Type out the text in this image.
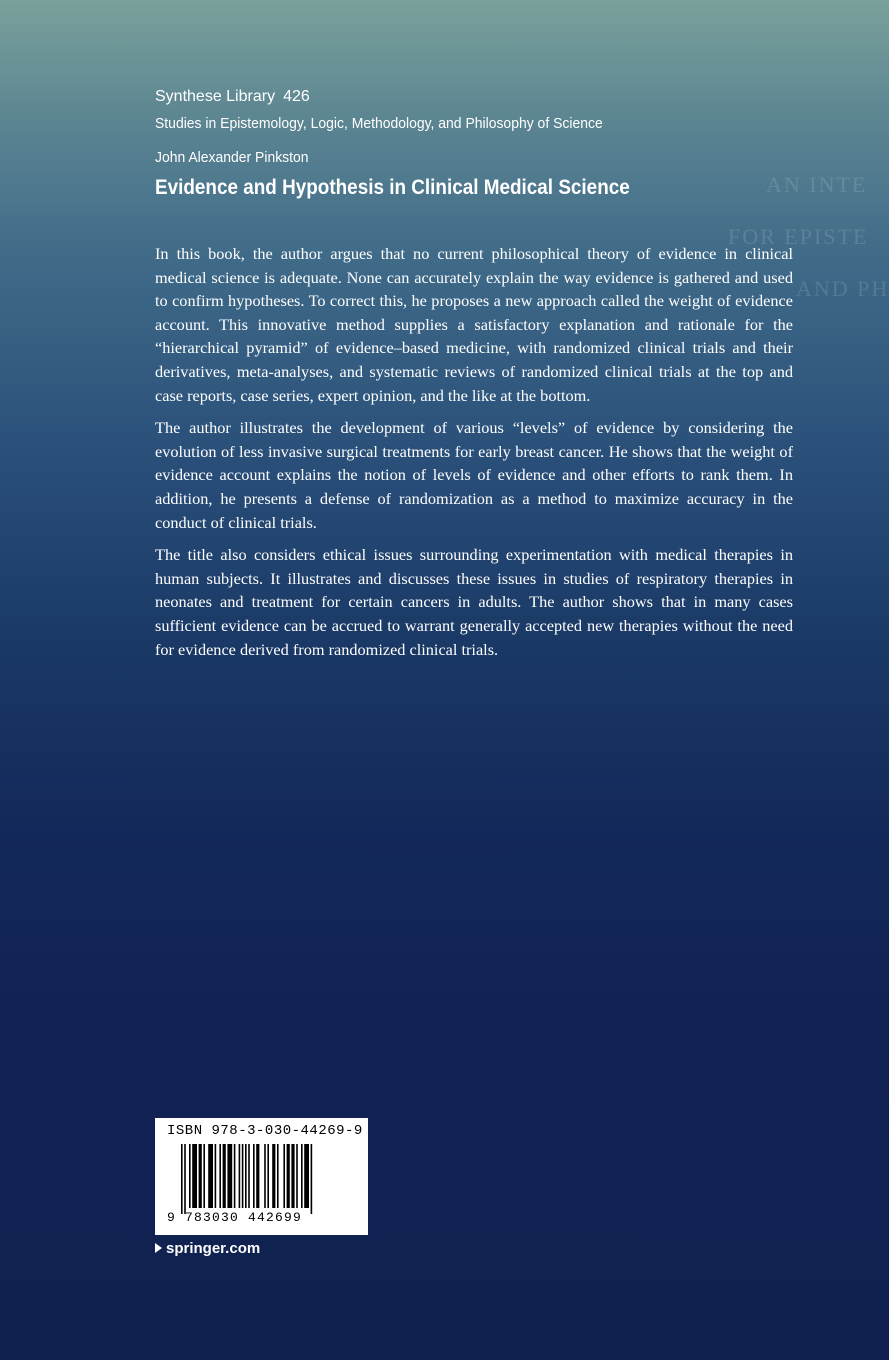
AN INTE
FOR EPISTE
AND PH
Synthese Library 426
Studies in Epistemology, Logic, Methodology, and Philosophy of Science
John Alexander Pinkston
Evidence and Hypothesis in Clinical Medical Science

In this book, the author argues that no current philosophical theory of evidence in clinical medical science is adequate. None can accurately explain the way evidence is gathered and used to confirm hypotheses. To correct this, he proposes a new approach called the weight of evidence account. This innovative method supplies a satisfactory explanation and rationale for the “hierarchical pyramid” of evidence–based medicine, with randomized clinical trials and their derivatives, meta-analyses, and systematic reviews of randomized clinical trials at the top and case reports, case series, expert opinion, and the like at the bottom.

The author illustrates the development of various “levels” of evidence by considering the evolution of less invasive surgical treatments for early breast cancer. He shows that the weight of evidence account explains the notion of levels of evidence and other efforts to rank them. In addition, he presents a defense of randomization as a method to maximize accuracy in the conduct of clinical trials.

The title also considers ethical issues surrounding experimentation with medical therapies in human subjects. It illustrates and discusses these issues in studies of respiratory therapies in neonates and treatment for certain cancers in adults. The author shows that in many cases sufficient evidence can be accrued to warrant generally accepted new therapies without the need for evidence derived from randomized clinical trials.

ISBN 978-3-030-44269-9
9 783030 442699
springer.com
